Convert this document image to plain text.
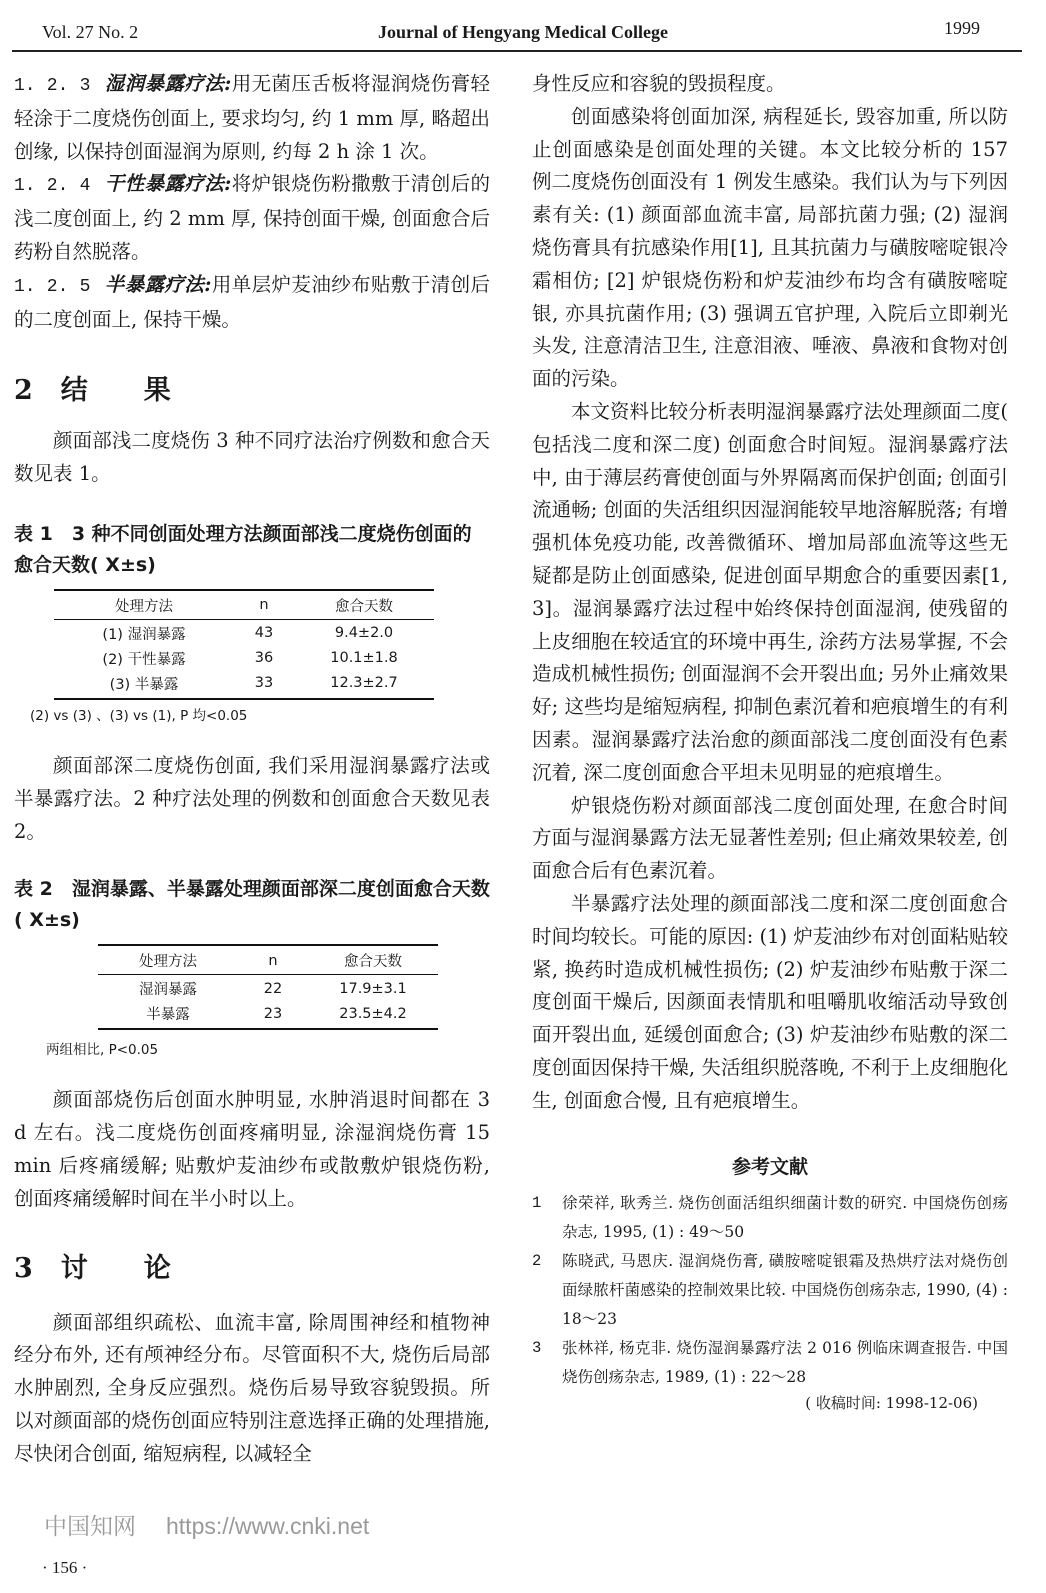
Vol. 27 No. 2	Journal of Hengyang Medical College	1999

1. 2. 3 湿润暴露疗法:用无菌压舌板将湿润烧伤膏轻轻涂于二度烧伤创面上, 要求均匀, 约 1 mm 厚, 略超出创缘, 以保持创面湿润为原则, 约每 2 h 涂 1 次。

1. 2. 4 干性暴露疗法:将炉银烧伤粉撒敷于清创后的浅二度创面上, 约 2 mm 厚, 保持创面干燥, 创面愈合后药粉自然脱落。

1. 2. 5 半暴露疗法:用单层炉苃油纱布贴敷于清创后的二度创面上, 保持干燥。

2 结 果

颜面部浅二度烧伤 3 种不同疗法治疗例数和愈合天数见表 1。

表 1　3 种不同创面处理方法颜面部浅二度烧伤创面的愈合天数( X±s)

处理方法	n	愈合天数
(1) 湿润暴露	43	9.4±2.0
(2) 干性暴露	36	10.1±1.8
(3) 半暴露	33	12.3±2.7

(2) vs (3) 、(3) vs (1), P 均<0.05

颜面部深二度烧伤创面, 我们采用湿润暴露疗法或半暴露疗法。2 种疗法处理的例数和创面愈合天数见表 2。

表 2　湿润暴露、半暴露处理颜面部深二度创面愈合天数( X±s)

处理方法	n	愈合天数
湿润暴露	22	17.9±3.1
半暴露	23	23.5±4.2

两组相比, P<0.05

颜面部烧伤后创面水肿明显, 水肿消退时间都在 3 d 左右。浅二度烧伤创面疼痛明显, 涂湿润烧伤膏 15 min 后疼痛缓解; 贴敷炉苃油纱布或散敷炉银烧伤粉, 创面疼痛缓解时间在半小时以上。

3 讨 论

颜面部组织疏松、血流丰富, 除周围神经和植物神经分布外, 还有颅神经分布。尽管面积不大, 烧伤后局部水肿剧烈, 全身反应强烈。烧伤后易导致容貌毁损。所以对颜面部的烧伤创面应特别注意选择正确的处理措施, 尽快闭合创面, 缩短病程, 以减轻全

身性反应和容貌的毁损程度。

创面感染将创面加深, 病程延长, 毁容加重, 所以防止创面感染是创面处理的关键。本文比较分析的 157 例二度烧伤创面没有 1 例发生感染。我们认为与下列因素有关: (1) 颜面部血流丰富, 局部抗菌力强; (2) 湿润烧伤膏具有抗感染作用[1], 且其抗菌力与磺胺嘧啶银冷霜相仿; [2] 炉银烧伤粉和炉苃油纱布均含有磺胺嘧啶银, 亦具抗菌作用; (3) 强调五官护理, 入院后立即剃光头发, 注意清洁卫生, 注意泪液、唾液、鼻液和食物对创面的污染。

本文资料比较分析表明湿润暴露疗法处理颜面二度( 包括浅二度和深二度) 创面愈合时间短。湿润暴露疗法中, 由于薄层药膏使创面与外界隔离而保护创面; 创面引流通畅; 创面的失活组织因湿润能较早地溶解脱落; 有增强机体免疫功能, 改善微循环、增加局部血流等这些无疑都是防止创面感染, 促进创面早期愈合的重要因素[1, 3]。湿润暴露疗法过程中始终保持创面湿润, 使残留的上皮细胞在较适宜的环境中再生, 涂药方法易掌握, 不会造成机械性损伤; 创面湿润不会开裂出血; 另外止痛效果好; 这些均是缩短病程, 抑制色素沉着和疤痕增生的有利因素。湿润暴露疗法治愈的颜面部浅二度创面没有色素沉着, 深二度创面愈合平坦未见明显的疤痕增生。

炉银烧伤粉对颜面部浅二度创面处理, 在愈合时间方面与湿润暴露方法无显著性差别; 但止痛效果较差, 创面愈合后有色素沉着。

半暴露疗法处理的颜面部浅二度和深二度创面愈合时间均较长。可能的原因: (1) 炉苃油纱布对创面粘贴较紧, 换药时造成机械性损伤; (2) 炉苃油纱布贴敷于深二度创面干燥后, 因颜面表情肌和咀嚼肌收缩活动导致创面开裂出血, 延缓创面愈合; (3) 炉苃油纱布贴敷的深二度创面因保持干燥, 失活组织脱落晚, 不利于上皮细胞化生, 创面愈合慢, 且有疤痕增生。

参考文献

1 徐荣祥, 耿秀兰. 烧伤创面活组织细菌计数的研究. 中国烧伤创疡杂志, 1995, (1) : 49～50

2 陈晓武, 马恩庆. 湿润烧伤膏, 磺胺嘧啶银霜及热烘疗法对烧伤创面绿脓杆菌感染的控制效果比较. 中国烧伤创疡杂志, 1990, (4) : 18～23

3 张林祥, 杨克非. 烧伤湿润暴露疗法 2 016 例临床调查报告. 中国烧伤创疡杂志, 1989, (1) : 22～28

( 收稿时间: 1998-12-06)

中国知网 https://www.cnki.net
· 156 ·
